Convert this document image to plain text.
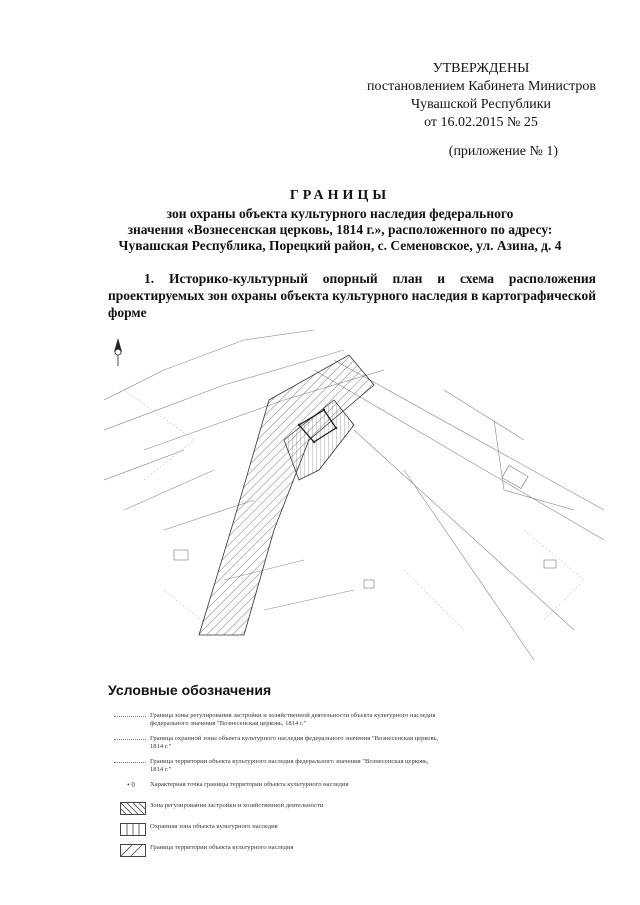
УТВЕРЖДЕНЫ
постановлением Кабинета Министров
Чувашской Республики
от 16.02.2015 № 25
(приложение № 1)
ГРАНИЦЫ
зон охраны объекта культурного наследия федерального
значения «Вознесенская церковь, 1814 г.», расположенного по адресу:
Чувашская Республика, Порецкий район, с. Семеновское, ул. Азина, д. 4
1. Историко-культурный опорный план и схема расположения проектируемых зон охраны объекта культурного наследия в картографической форме
Условные обозначения
Граница зоны регулирования застройки и хозяйственной деятельности объекта культурного наследия федерального значения "Вознесенская церковь, 1814 г."
Граница охранной зоны объекта культурного наследия федерального значения "Вознесенская церковь, 1814 г."
Граница территории объекта культурного наследия федерального значения "Вознесенская церковь, 1814 г."
• 0	Характерная точка границы территории объекта культурного наследия
Зона регулирования застройки и хозяйственной деятельности
Охранная зона объекта культурного наследия
Граница территории объекта культурного наследия
